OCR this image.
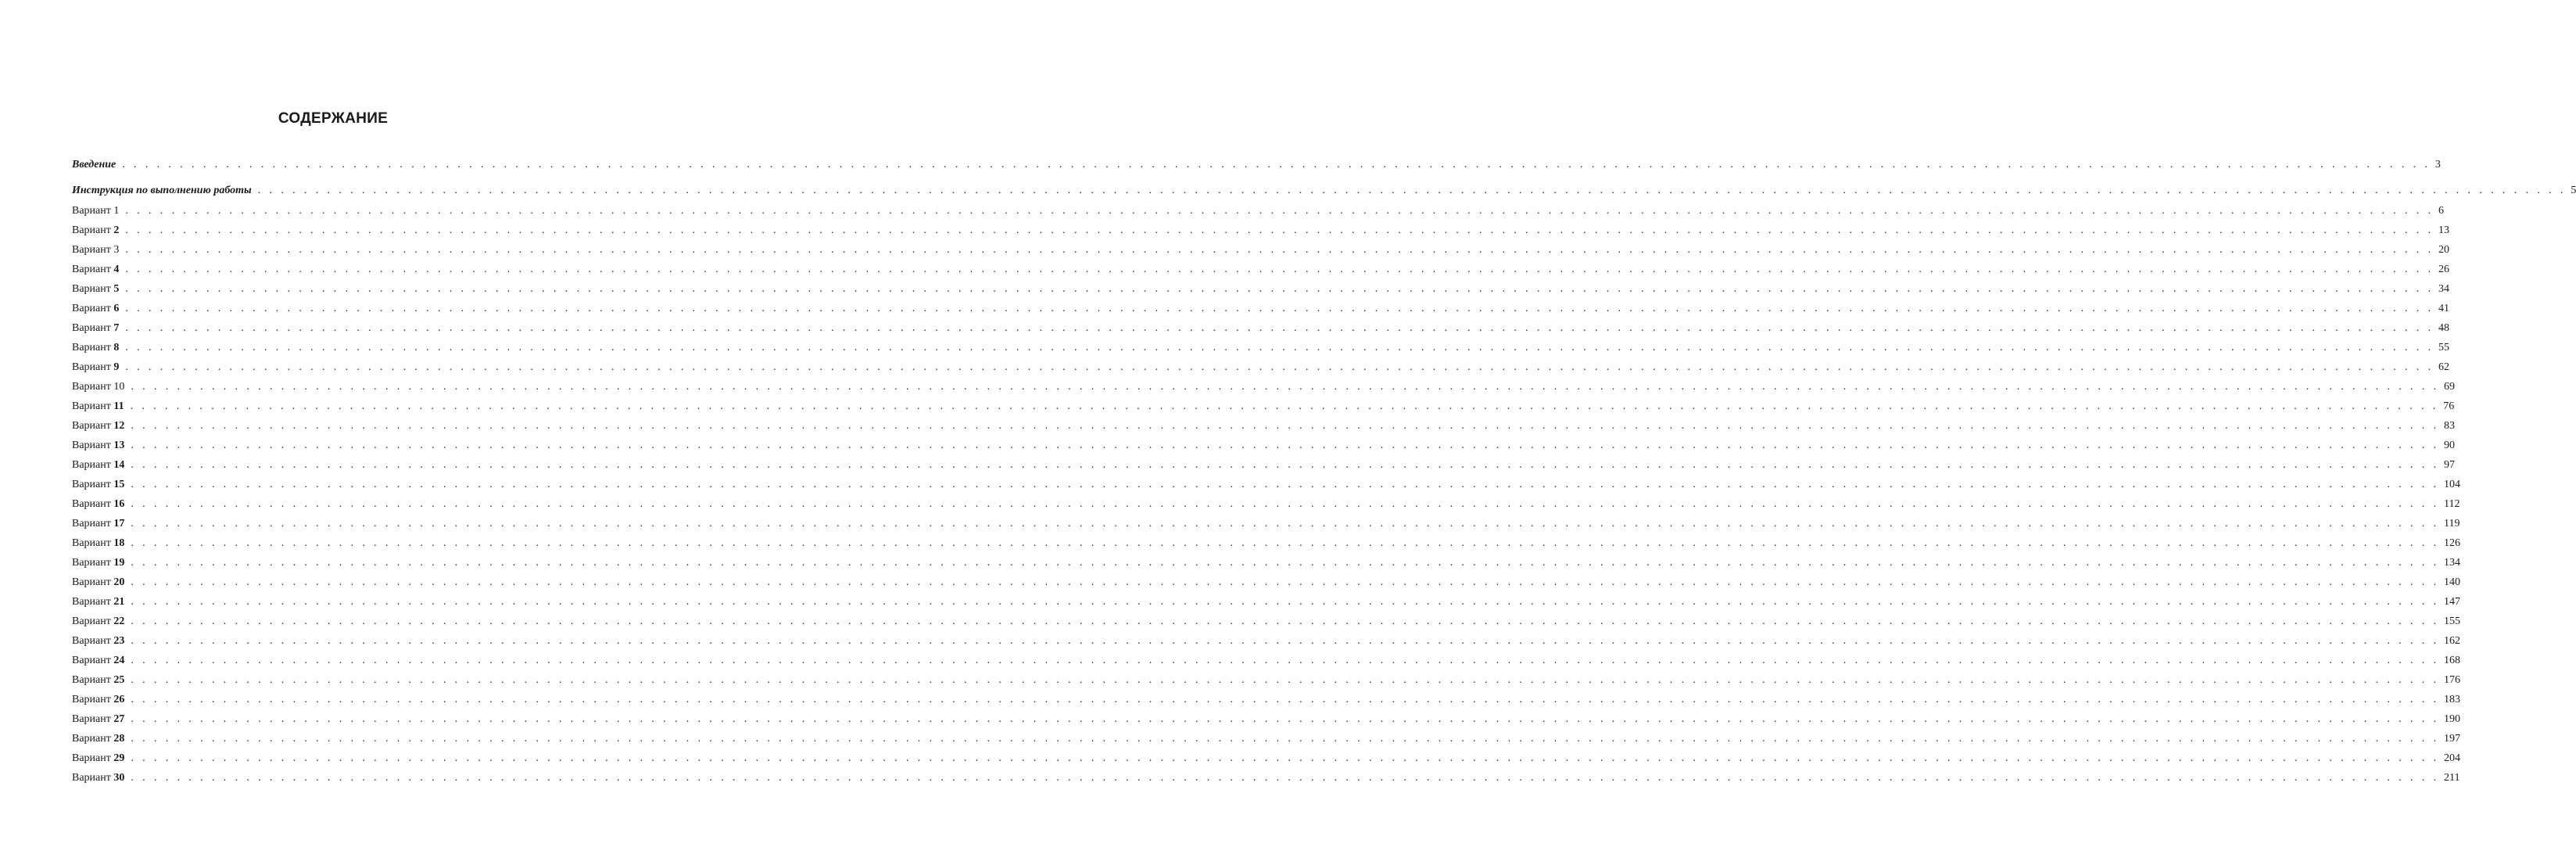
СОДЕРЖАНИЕ
Введение . . . . . . . . . . . . . . . . . . . . . . . . . . . . . . . . . . . . . . . . . . . . . . . . . . . . . . . . . . . . . . . . . . . . . . . . . . . . . . . . . . . . . . . . . . . . . . . . . . . . . . . . . . . . . . . . . . . . . . . . . . . . . . . . . . . . . . . . . . . . . . . . . . . . . . . . . . . . . . . . . . . . . . . . . . . . . . . . . . . . . . . . . . . . . . . . . . . . . . . . 3
Инструкция по выполнению работы . . . . . . . . . . . . . . . . . . . . . . . . . . . . . . . . . . . . . . . . . . . . . . . . . . . . . . . . . . . . . . . . . . . . . . . . . . . . . . . . . . . . . . . . . . . . . . . . . . . . . . . . . . . . . . . . . . . . . . . . . . . . . . . . . . . . . . . . . . . . . . . . . . . . . . . . . . . . . . . . . . . . . . . . . . . . . . . . . . . . . . . . . . . . . . . . . . . . . . . . 5
Вариант 1 . . . . . . . . . . . . . . . . . . . . . . . . . . . . . . . . . . . . . . . . . . . . . . . . . . . . . . . . . . . . . . . . . . . . . . . . . . . . . . . . . . . . . . . . . . . . . . . . . . . . . . . . . . . . . . . . . . . . . . . . . . . . . . . . . . . . . . . . . . . . . . . . . . . . . . . . . . . . . . . . . . . . . . . . . . . . . . . . . . . . . . . . . . . . . . . . . . . . . . . . 6
Вариант 2 . . . . . . . . . . . . . . . . . . . . . . . . . . . . . . . . . . . . . . . . . . . . . . . . . . . . . . . . . . . . . . . . . . . . . . . . . . . . . . . . . . . . . . . . . . . . . . . . . . . . . . . . . . . . . . . . . . . . . . . . . . . . . . . . . . . . . . . . . . . . . . . . . . . . . . . . . . . . . . . . . . . . . . . . . . . . . . . . . . . . . . . . . . . . . . . . . . . . . . . . 13
Вариант 3 . . . . . . . . . . . . . . . . . . . . . . . . . . . . . . . . . . . . . . . . . . . . . . . . . . . . . . . . . . . . . . . . . . . . . . . . . . . . . . . . . . . . . . . . . . . . . . . . . . . . . . . . . . . . . . . . . . . . . . . . . . . . . . . . . . . . . . . . . . . . . . . . . . . . . . . . . . . . . . . . . . . . . . . . . . . . . . . . . . . . . . . . . . . . . . . . . . . . . . . . 20
Вариант 4 . . . . . . . . . . . . . . . . . . . . . . . . . . . . . . . . . . . . . . . . . . . . . . . . . . . . . . . . . . . . . . . . . . . . . . . . . . . . . . . . . . . . . . . . . . . . . . . . . . . . . . . . . . . . . . . . . . . . . . . . . . . . . . . . . . . . . . . . . . . . . . . . . . . . . . . . . . . . . . . . . . . . . . . . . . . . . . . . . . . . . . . . . . . . . . . . . . . . . . . . 26
Вариант 5 . . . . . . . . . . . . . . . . . . . . . . . . . . . . . . . . . . . . . . . . . . . . . . . . . . . . . . . . . . . . . . . . . . . . . . . . . . . . . . . . . . . . . . . . . . . . . . . . . . . . . . . . . . . . . . . . . . . . . . . . . . . . . . . . . . . . . . . . . . . . . . . . . . . . . . . . . . . . . . . . . . . . . . . . . . . . . . . . . . . . . . . . . . . . . . . . . . . . . . . . 34
Вариант 6 . . . . . . . . . . . . . . . . . . . . . . . . . . . . . . . . . . . . . . . . . . . . . . . . . . . . . . . . . . . . . . . . . . . . . . . . . . . . . . . . . . . . . . . . . . . . . . . . . . . . . . . . . . . . . . . . . . . . . . . . . . . . . . . . . . . . . . . . . . . . . . . . . . . . . . . . . . . . . . . . . . . . . . . . . . . . . . . . . . . . . . . . . . . . . . . . . . . . . . . . 41
Вариант 7 . . . . . . . . . . . . . . . . . . . . . . . . . . . . . . . . . . . . . . . . . . . . . . . . . . . . . . . . . . . . . . . . . . . . . . . . . . . . . . . . . . . . . . . . . . . . . . . . . . . . . . . . . . . . . . . . . . . . . . . . . . . . . . . . . . . . . . . . . . . . . . . . . . . . . . . . . . . . . . . . . . . . . . . . . . . . . . . . . . . . . . . . . . . . . . . . . . . . . . . . 48
Вариант 8 . . . . . . . . . . . . . . . . . . . . . . . . . . . . . . . . . . . . . . . . . . . . . . . . . . . . . . . . . . . . . . . . . . . . . . . . . . . . . . . . . . . . . . . . . . . . . . . . . . . . . . . . . . . . . . . . . . . . . . . . . . . . . . . . . . . . . . . . . . . . . . . . . . . . . . . . . . . . . . . . . . . . . . . . . . . . . . . . . . . . . . . . . . . . . . . . . . . . . . . . 55
Вариант 9 . . . . . . . . . . . . . . . . . . . . . . . . . . . . . . . . . . . . . . . . . . . . . . . . . . . . . . . . . . . . . . . . . . . . . . . . . . . . . . . . . . . . . . . . . . . . . . . . . . . . . . . . . . . . . . . . . . . . . . . . . . . . . . . . . . . . . . . . . . . . . . . . . . . . . . . . . . . . . . . . . . . . . . . . . . . . . . . . . . . . . . . . . . . . . . . . . . . . . . . . 62
Вариант 10 . . . . . . . . . . . . . . . . . . . . . . . . . . . . . . . . . . . . . . . . . . . . . . . . . . . . . . . . . . . . . . . . . . . . . . . . . . . . . . . . . . . . . . . . . . . . . . . . . . . . . . . . . . . . . . . . . . . . . . . . . . . . . . . . . . . . . . . . . . . . . . . . . . . . . . . . . . . . . . . . . . . . . . . . . . . . . . . . . . . . . . . . . . . . . . . . . . . . . . . . 69
Вариант 11 . . . . . . . . . . . . . . . . . . . . . . . . . . . . . . . . . . . . . . . . . . . . . . . . . . . . . . . . . . . . . . . . . . . . . . . . . . . . . . . . . . . . . . . . . . . . . . . . . . . . . . . . . . . . . . . . . . . . . . . . . . . . . . . . . . . . . . . . . . . . . . . . . . . . . . . . . . . . . . . . . . . . . . . . . . . . . . . . . . . . . . . . . . . . . . . . . . . . . . . . 76
Вариант 12 . . . . . . . . . . . . . . . . . . . . . . . . . . . . . . . . . . . . . . . . . . . . . . . . . . . . . . . . . . . . . . . . . . . . . . . . . . . . . . . . . . . . . . . . . . . . . . . . . . . . . . . . . . . . . . . . . . . . . . . . . . . . . . . . . . . . . . . . . . . . . . . . . . . . . . . . . . . . . . . . . . . . . . . . . . . . . . . . . . . . . . . . . . . . . . . . . . . . . . . . 83
Вариант 13 . . . . . . . . . . . . . . . . . . . . . . . . . . . . . . . . . . . . . . . . . . . . . . . . . . . . . . . . . . . . . . . . . . . . . . . . . . . . . . . . . . . . . . . . . . . . . . . . . . . . . . . . . . . . . . . . . . . . . . . . . . . . . . . . . . . . . . . . . . . . . . . . . . . . . . . . . . . . . . . . . . . . . . . . . . . . . . . . . . . . . . . . . . . . . . . . . . . . . . . . 90
Вариант 14 . . . . . . . . . . . . . . . . . . . . . . . . . . . . . . . . . . . . . . . . . . . . . . . . . . . . . . . . . . . . . . . . . . . . . . . . . . . . . . . . . . . . . . . . . . . . . . . . . . . . . . . . . . . . . . . . . . . . . . . . . . . . . . . . . . . . . . . . . . . . . . . . . . . . . . . . . . . . . . . . . . . . . . . . . . . . . . . . . . . . . . . . . . . . . . . . . . . . . . . . 97
Вариант 15 . . . . . . . . . . . . . . . . . . . . . . . . . . . . . . . . . . . . . . . . . . . . . . . . . . . . . . . . . . . . . . . . . . . . . . . . . . . . . . . . . . . . . . . . . . . . . . . . . . . . . . . . . . . . . . . . . . . . . . . . . . . . . . . . . . . . . . . . . . . . . . . . . . . . . . . . . . . . . . . . . . . . . . . . . . . . . . . . . . . . . . . . . . . . . . . . . . . . . . . . 104
Вариант 16 . . . . . . . . . . . . . . . . . . . . . . . . . . . . . . . . . . . . . . . . . . . . . . . . . . . . . . . . . . . . . . . . . . . . . . . . . . . . . . . . . . . . . . . . . . . . . . . . . . . . . . . . . . . . . . . . . . . . . . . . . . . . . . . . . . . . . . . . . . . . . . . . . . . . . . . . . . . . . . . . . . . . . . . . . . . . . . . . . . . . . . . . . . . . . . . . . . . . . . . . 112
Вариант 17 . . . . . . . . . . . . . . . . . . . . . . . . . . . . . . . . . . . . . . . . . . . . . . . . . . . . . . . . . . . . . . . . . . . . . . . . . . . . . . . . . . . . . . . . . . . . . . . . . . . . . . . . . . . . . . . . . . . . . . . . . . . . . . . . . . . . . . . . . . . . . . . . . . . . . . . . . . . . . . . . . . . . . . . . . . . . . . . . . . . . . . . . . . . . . . . . . . . . . . . . 119
Вариант 18 . . . . . . . . . . . . . . . . . . . . . . . . . . . . . . . . . . . . . . . . . . . . . . . . . . . . . . . . . . . . . . . . . . . . . . . . . . . . . . . . . . . . . . . . . . . . . . . . . . . . . . . . . . . . . . . . . . . . . . . . . . . . . . . . . . . . . . . . . . . . . . . . . . . . . . . . . . . . . . . . . . . . . . . . . . . . . . . . . . . . . . . . . . . . . . . . . . . . . . . . 126
Вариант 19 . . . . . . . . . . . . . . . . . . . . . . . . . . . . . . . . . . . . . . . . . . . . . . . . . . . . . . . . . . . . . . . . . . . . . . . . . . . . . . . . . . . . . . . . . . . . . . . . . . . . . . . . . . . . . . . . . . . . . . . . . . . . . . . . . . . . . . . . . . . . . . . . . . . . . . . . . . . . . . . . . . . . . . . . . . . . . . . . . . . . . . . . . . . . . . . . . . . . . . . . 134
Вариант 20 . . . . . . . . . . . . . . . . . . . . . . . . . . . . . . . . . . . . . . . . . . . . . . . . . . . . . . . . . . . . . . . . . . . . . . . . . . . . . . . . . . . . . . . . . . . . . . . . . . . . . . . . . . . . . . . . . . . . . . . . . . . . . . . . . . . . . . . . . . . . . . . . . . . . . . . . . . . . . . . . . . . . . . . . . . . . . . . . . . . . . . . . . . . . . . . . . . . . . . . . 140
Вариант 21 . . . . . . . . . . . . . . . . . . . . . . . . . . . . . . . . . . . . . . . . . . . . . . . . . . . . . . . . . . . . . . . . . . . . . . . . . . . . . . . . . . . . . . . . . . . . . . . . . . . . . . . . . . . . . . . . . . . . . . . . . . . . . . . . . . . . . . . . . . . . . . . . . . . . . . . . . . . . . . . . . . . . . . . . . . . . . . . . . . . . . . . . . . . . . . . . . . . . . . . . 147
Вариант 22 . . . . . . . . . . . . . . . . . . . . . . . . . . . . . . . . . . . . . . . . . . . . . . . . . . . . . . . . . . . . . . . . . . . . . . . . . . . . . . . . . . . . . . . . . . . . . . . . . . . . . . . . . . . . . . . . . . . . . . . . . . . . . . . . . . . . . . . . . . . . . . . . . . . . . . . . . . . . . . . . . . . . . . . . . . . . . . . . . . . . . . . . . . . . . . . . . . . . . . . . 155
Вариант 23 . . . . . . . . . . . . . . . . . . . . . . . . . . . . . . . . . . . . . . . . . . . . . . . . . . . . . . . . . . . . . . . . . . . . . . . . . . . . . . . . . . . . . . . . . . . . . . . . . . . . . . . . . . . . . . . . . . . . . . . . . . . . . . . . . . . . . . . . . . . . . . . . . . . . . . . . . . . . . . . . . . . . . . . . . . . . . . . . . . . . . . . . . . . . . . . . . . . . . . . . 162
Вариант 24 . . . . . . . . . . . . . . . . . . . . . . . . . . . . . . . . . . . . . . . . . . . . . . . . . . . . . . . . . . . . . . . . . . . . . . . . . . . . . . . . . . . . . . . . . . . . . . . . . . . . . . . . . . . . . . . . . . . . . . . . . . . . . . . . . . . . . . . . . . . . . . . . . . . . . . . . . . . . . . . . . . . . . . . . . . . . . . . . . . . . . . . . . . . . . . . . . . . . . . . . 168
Вариант 25 . . . . . . . . . . . . . . . . . . . . . . . . . . . . . . . . . . . . . . . . . . . . . . . . . . . . . . . . . . . . . . . . . . . . . . . . . . . . . . . . . . . . . . . . . . . . . . . . . . . . . . . . . . . . . . . . . . . . . . . . . . . . . . . . . . . . . . . . . . . . . . . . . . . . . . . . . . . . . . . . . . . . . . . . . . . . . . . . . . . . . . . . . . . . . . . . . . . . . . . . 176
Вариант 26 . . . . . . . . . . . . . . . . . . . . . . . . . . . . . . . . . . . . . . . . . . . . . . . . . . . . . . . . . . . . . . . . . . . . . . . . . . . . . . . . . . . . . . . . . . . . . . . . . . . . . . . . . . . . . . . . . . . . . . . . . . . . . . . . . . . . . . . . . . . . . . . . . . . . . . . . . . . . . . . . . . . . . . . . . . . . . . . . . . . . . . . . . . . . . . . . . . . . . . . . 183
Вариант 27 . . . . . . . . . . . . . . . . . . . . . . . . . . . . . . . . . . . . . . . . . . . . . . . . . . . . . . . . . . . . . . . . . . . . . . . . . . . . . . . . . . . . . . . . . . . . . . . . . . . . . . . . . . . . . . . . . . . . . . . . . . . . . . . . . . . . . . . . . . . . . . . . . . . . . . . . . . . . . . . . . . . . . . . . . . . . . . . . . . . . . . . . . . . . . . . . . . . . . . . . 190
Вариант 28 . . . . . . . . . . . . . . . . . . . . . . . . . . . . . . . . . . . . . . . . . . . . . . . . . . . . . . . . . . . . . . . . . . . . . . . . . . . . . . . . . . . . . . . . . . . . . . . . . . . . . . . . . . . . . . . . . . . . . . . . . . . . . . . . . . . . . . . . . . . . . . . . . . . . . . . . . . . . . . . . . . . . . . . . . . . . . . . . . . . . . . . . . . . . . . . . . . . . . . . . 197
Вариант 29 . . . . . . . . . . . . . . . . . . . . . . . . . . . . . . . . . . . . . . . . . . . . . . . . . . . . . . . . . . . . . . . . . . . . . . . . . . . . . . . . . . . . . . . . . . . . . . . . . . . . . . . . . . . . . . . . . . . . . . . . . . . . . . . . . . . . . . . . . . . . . . . . . . . . . . . . . . . . . . . . . . . . . . . . . . . . . . . . . . . . . . . . . . . . . . . . . . . . . . . . 204
Вариант 30 . . . . . . . . . . . . . . . . . . . . . . . . . . . . . . . . . . . . . . . . . . . . . . . . . . . . . . . . . . . . . . . . . . . . . . . . . . . . . . . . . . . . . . . . . . . . . . . . . . . . . . . . . . . . . . . . . . . . . . . . . . . . . . . . . . . . . . . . . . . . . . . . . . . . . . . . . . . . . . . . . . . . . . . . . . . . . . . . . . . . . . . . . . . . . . . . . . . . . . . . 211
